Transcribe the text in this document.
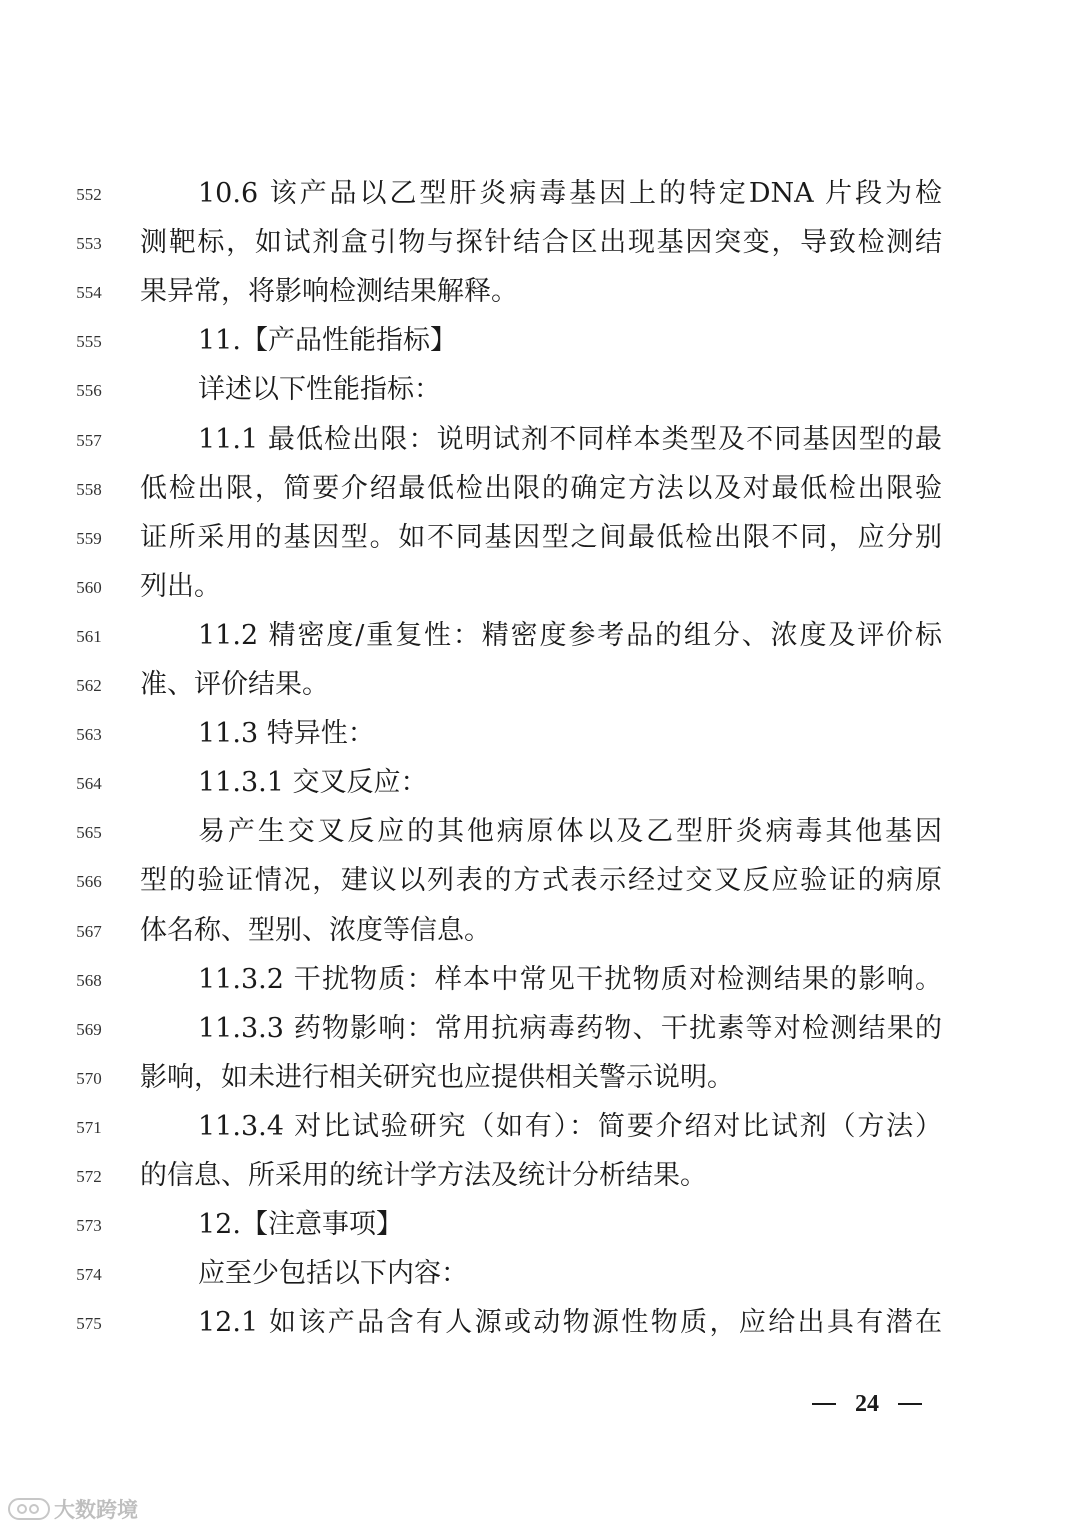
552	10.6 该产品以乙型肝炎病毒基因上的特定DNA 片段为检
553	测靶标，如试剂盒引物与探针结合区出现基因突变，导致检测结
554	果异常，将影响检测结果解释。
555	11.【产品性能指标】
556	详述以下性能指标：
557	11.1 最低检出限：说明试剂不同样本类型及不同基因型的最
558	低检出限，简要介绍最低检出限的确定方法以及对最低检出限验
559	证所采用的基因型。如不同基因型之间最低检出限不同，应分别
560	列出。
561	11.2 精密度/重复性：精密度参考品的组分、浓度及评价标
562	准、评价结果。
563	11.3 特异性：
564	11.3.1 交叉反应：
565	易产生交叉反应的其他病原体以及乙型肝炎病毒其他基因
566	型的验证情况，建议以列表的方式表示经过交叉反应验证的病原
567	体名称、型别、浓度等信息。
568	11.3.2 干扰物质：样本中常见干扰物质对检测结果的影响。
569	11.3.3 药物影响：常用抗病毒药物、干扰素等对检测结果的
570	影响，如未进行相关研究也应提供相关警示说明。
571	11.3.4 对比试验研究（如有）：简要介绍对比试剂（方法）
572	的信息、所采用的统计学方法及统计分析结果。
573	12.【注意事项】
574	应至少包括以下内容：
575	12.1 如该产品含有人源或动物源性物质，应给出具有潜在
24
大数跨境
